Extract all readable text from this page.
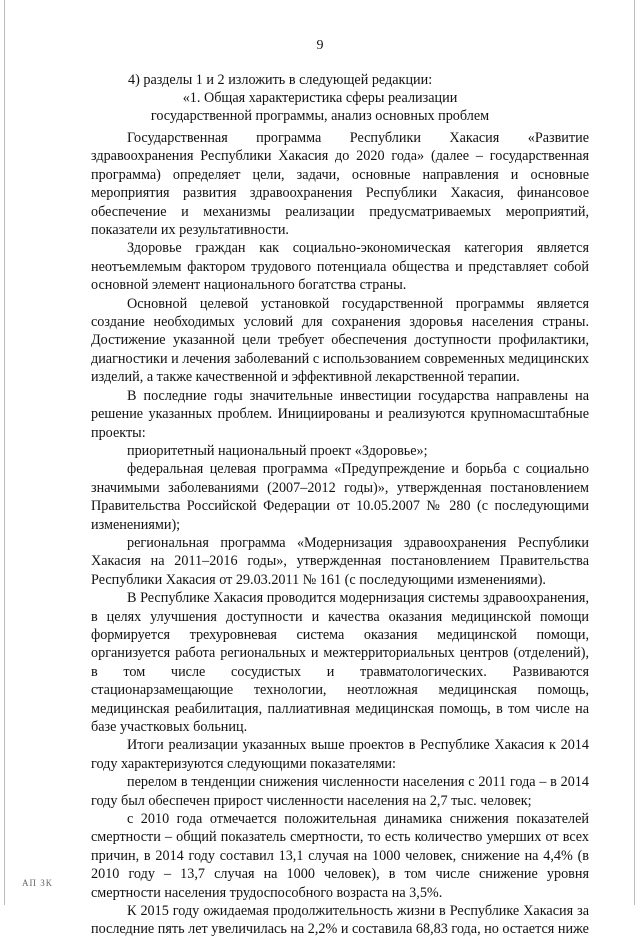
9
4) разделы 1 и 2 изложить в следующей редакции:
«1. Общая характеристика сферы реализации
государственной программы, анализ основных проблем

Государственная программа Республики Хакасия «Развитие здравоохранения Республики Хакасия до 2020 года» (далее – государственная программа) определяет цели, задачи, основные направления и основные мероприятия развития здравоохранения Республики Хакасия, финансовое обеспечение и механизмы реализации предусматриваемых мероприятий, показатели их результативности.

Здоровье граждан как социально-экономическая категория является неотъемлемым фактором трудового потенциала общества и представляет собой основной элемент национального богатства страны.

Основной целевой установкой государственной программы является создание необходимых условий для сохранения здоровья населения страны. Достижение указанной цели требует обеспечения доступности профилактики, диагностики и лечения заболеваний с использованием современных медицинских изделий, а также качественной и эффективной лекарственной терапии.

В последние годы значительные инвестиции государства направлены на решение указанных проблем. Инициированы и реализуются крупномасштабные проекты:

приоритетный национальный проект «Здоровье»;

федеральная целевая программа «Предупреждение и борьба с социально значимыми заболеваниями (2007–2012 годы)», утвержденная постановлением Правительства Российской Федерации от 10.05.2007 № 280 (с последующими изменениями);

региональная программа «Модернизация здравоохранения Республики Хакасия на 2011–2016 годы», утвержденная постановлением Правительства Республики Хакасия от 29.03.2011 № 161 (с последующими изменениями).

В Республике Хакасия проводится модернизация системы здравоохранения, в целях улучшения доступности и качества оказания медицинской помощи формируется трехуровневая система оказания медицинской помощи, организуется работа региональных и межтерриториальных центров (отделений), в том числе сосудистых и травматологических. Развиваются стационарзамещающие технологии, неотложная медицинская помощь, медицинская реабилитация, паллиативная медицинская помощь, в том числе на базе участковых больниц.

Итоги реализации указанных выше проектов в Республике Хакасия к 2014 году характеризуются следующими показателями:

перелом в тенденции снижения численности населения с 2011 года – в 2014 году был обеспечен прирост численности населения на 2,7 тыс. человек;

с 2010 года отмечается положительная динамика снижения показателей смертности – общий показатель смертности, то есть количество умерших от всех причин, в 2014 году составил 13,1 случая на 1000 человек, снижение на 4,4% (в 2010 году – 13,7 случая на 1000 человек), в том числе снижение уровня смертности населения трудоспособного возраста на 3,5%.

К 2015 году ожидаемая продолжительность жизни в Республике Хакасия за последние пять лет увеличилась на 2,2% и составила 68,83 года, но остается ниже

АП ЗК
